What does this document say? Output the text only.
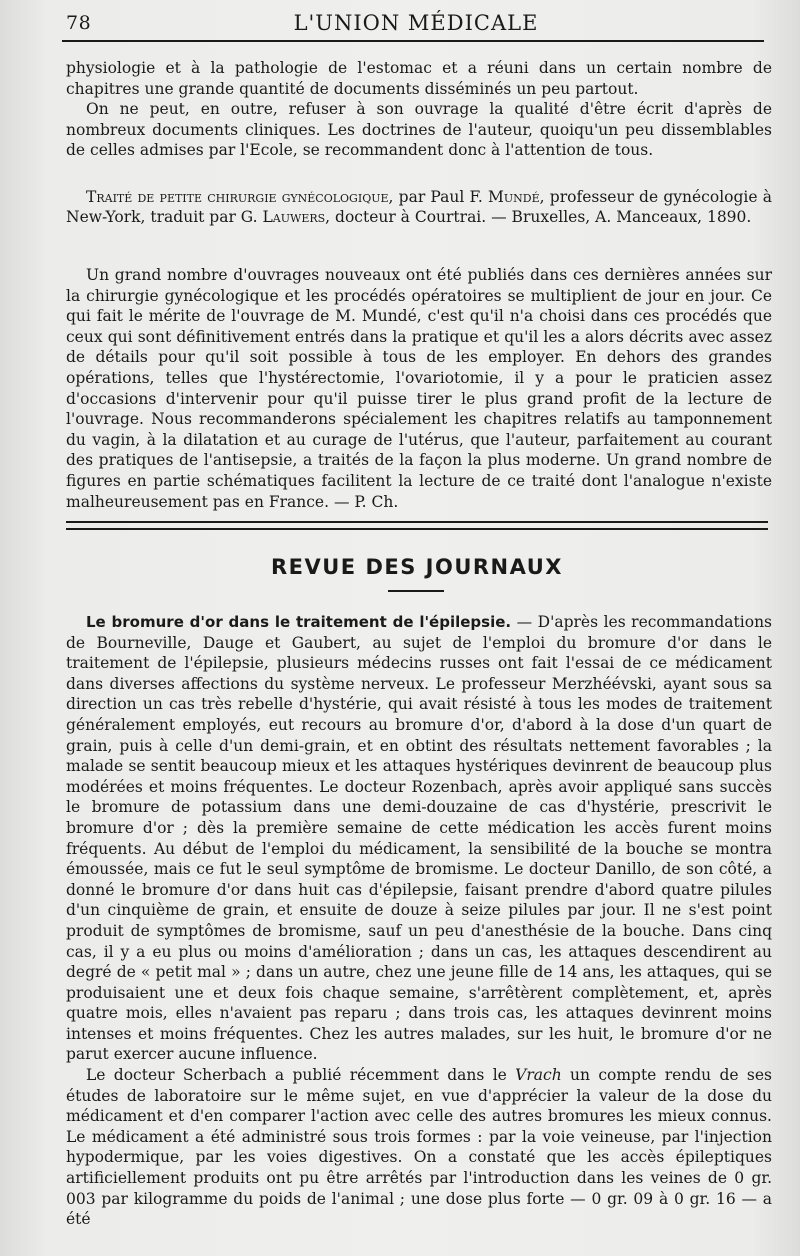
78	L'UNION MÉDICALE

physiologie et à la pathologie de l'estomac et a réuni dans un certain nombre de chapitres une grande quantité de documents disséminés un peu partout.

On ne peut, en outre, refuser à son ouvrage la qualité d'être écrit d'après de nombreux documents cliniques. Les doctrines de l'auteur, quoiqu'un peu dissemblables de celles admises par l'Ecole, se recommandent donc à l'attention de tous.

Traité de petite chirurgie gynécologique, par Paul F. Mundé, professeur de gynécologie à New-York, traduit par G. Lauwers, docteur à Courtrai. — Bruxelles, A. Manceaux, 1890.

Un grand nombre d'ouvrages nouveaux ont été publiés dans ces dernières années sur la chirurgie gynécologique et les procédés opératoires se multiplient de jour en jour. Ce qui fait le mérite de l'ouvrage de M. Mundé, c'est qu'il n'a choisi dans ces procédés que ceux qui sont définitivement entrés dans la pratique et qu'il les a alors décrits avec assez de détails pour qu'il soit possible à tous de les employer. En dehors des grandes opérations, telles que l'hystérectomie, l'ovariotomie, il y a pour le praticien assez d'occasions d'intervenir pour qu'il puisse tirer le plus grand profit de la lecture de l'ouvrage. Nous recommanderons spécialement les chapitres relatifs au tamponnement du vagin, à la dilatation et au curage de l'utérus, que l'auteur, parfaitement au courant des pratiques de l'antisepsie, a traités de la façon la plus moderne. Un grand nombre de figures en partie schématiques facilitent la lecture de ce traité dont l'analogue n'existe malheureusement pas en France. — P. Ch.

REVUE DES JOURNAUX

Le bromure d'or dans le traitement de l'épilepsie. — D'après les recommandations de Bourneville, Dauge et Gaubert, au sujet de l'emploi du bromure d'or dans le traitement de l'épilepsie, plusieurs médecins russes ont fait l'essai de ce médicament dans diverses affections du système nerveux. Le professeur Merzhéévski, ayant sous sa direction un cas très rebelle d'hystérie, qui avait résisté à tous les modes de traitement généralement employés, eut recours au bromure d'or, d'abord à la dose d'un quart de grain, puis à celle d'un demi-grain, et en obtint des résultats nettement favorables ; la malade se sentit beaucoup mieux et les attaques hystériques devinrent de beaucoup plus modérées et moins fréquentes. Le docteur Rozenbach, après avoir appliqué sans succès le bromure de potassium dans une demi-douzaine de cas d'hystérie, prescrivit le bromure d'or ; dès la première semaine de cette médication les accès furent moins fréquents. Au début de l'emploi du médicament, la sensibilité de la bouche se montra émoussée, mais ce fut le seul symptôme de bromisme. Le docteur Danillo, de son côté, a donné le bromure d'or dans huit cas d'épilepsie, faisant prendre d'abord quatre pilules d'un cinquième de grain, et ensuite de douze à seize pilules par jour. Il ne s'est point produit de symptômes de bromisme, sauf un peu d'anesthésie de la bouche. Dans cinq cas, il y a eu plus ou moins d'amélioration ; dans un cas, les attaques descendirent au degré de « petit mal » ; dans un autre, chez une jeune fille de 14 ans, les attaques, qui se produisaient une et deux fois chaque semaine, s'arrêtèrent complètement, et, après quatre mois, elles n'avaient pas reparu ; dans trois cas, les attaques devinrent moins intenses et moins fréquentes. Chez les autres malades, sur les huit, le bromure d'or ne parut exercer aucune influence.

Le docteur Scherbach a publié récemment dans le Vrach un compte rendu de ses études de laboratoire sur le même sujet, en vue d'apprécier la valeur de la dose du médicament et d'en comparer l'action avec celle des autres bromures les mieux connus. Le médicament a été administré sous trois formes : par la voie veineuse, par l'injection hypodermique, par les voies digestives. On a constaté que les accès épileptiques artificiellement produits ont pu être arrêtés par l'introduction dans les veines de 0 gr. 003 par kilogramme du poids de l'animal ; une dose plus forte — 0 gr. 09 à 0 gr. 16 — a été
